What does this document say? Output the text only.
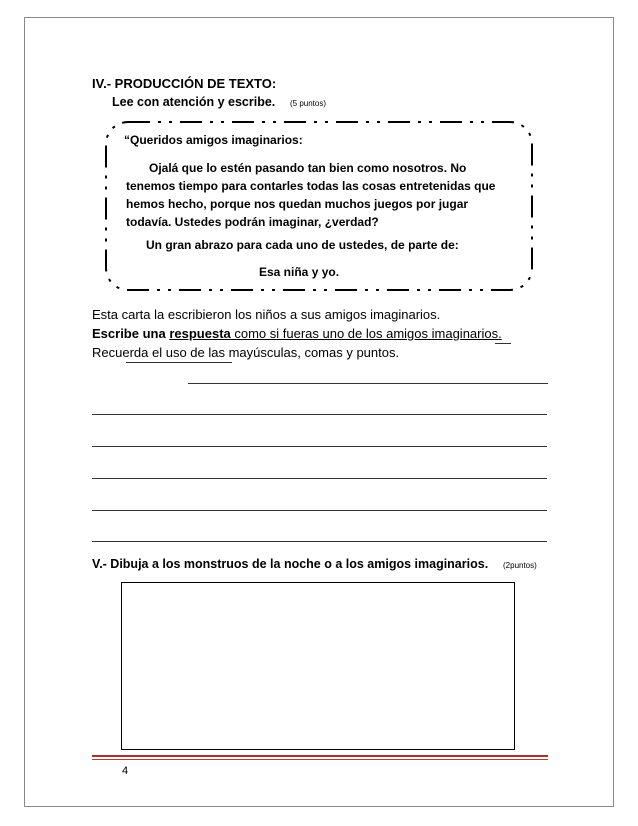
IV.- PRODUCCIÓN DE TEXTO:
Lee con atención y escribe. (5 puntos)
“Queridos amigos imaginarios:
Ojalá que lo estén pasando tan bien como nosotros. No
tenemos tiempo para contarles todas las cosas entretenidas que
hemos hecho, porque nos quedan muchos juegos por jugar
todavía. Ustedes podrán imaginar, ¿verdad?
Un gran abrazo para cada uno de ustedes, de parte de:
Esa niña y yo.
Esta carta la escribieron los niños a sus amigos imaginarios.
Escribe una respuesta como si fueras uno de los amigos imaginarios.
Recuerda el uso de las mayúsculas, comas y puntos.
V.- Dibuja a los monstruos de la noche o a los amigos imaginarios. (2puntos)
4
